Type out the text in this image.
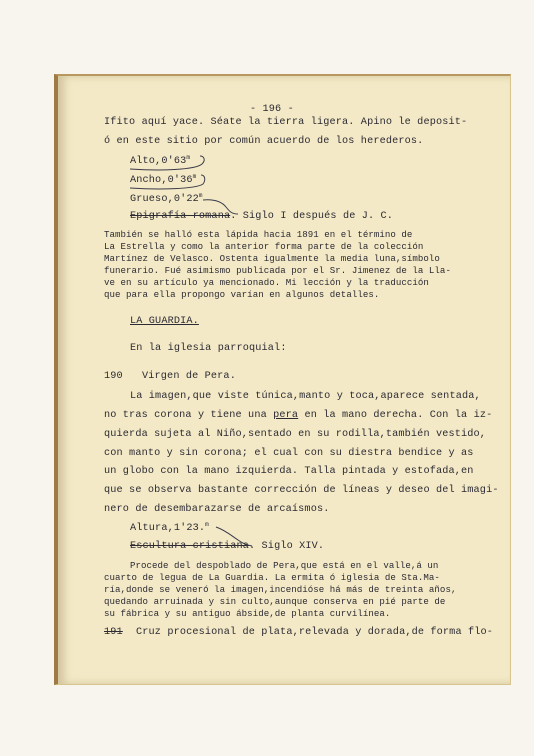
- 196 -
Ifito aquí yace. Séate la tierra ligera. Apino le deposit-
ó en este sitio por común acuerdo de los herederos.
Alto,0'63$^m$
Ancho,0'36$^m$
Grueso,0'22$^m$
Epigrafía romana. Siglo I después de J. C.
También se halló esta lápida hacia 1891 en el término de
La Estrella y como la anterior forma parte de la colección
Martínez de Velasco. Ostenta igualmente la media luna,símbolo
funerario. Fué asimismo publicada por el Sr. Jimenez de la Lla-
ve en su artículo ya mencionado. Mi lección y la traducción
que para ella propongo varían en algunos detalles.
LA GUARDIA.
En la iglesia parroquial:
190 Virgen de Pera.
La imagen,que viste túnica,manto y toca,aparece sentada,
no tras corona y tiene una pera en la mano derecha. Con la iz-
quierda sujeta al Niño,sentado en su rodilla,también vestido,
con manto y sin corona; el cual con su diestra bendice y as
un globo con la mano izquierda. Talla pintada y estofada,en
que se observa bastante corrección de líneas y deseo del imagi-
nero de desembarazarse de arcaísmos.
Altura,1'23.$^m$
Escultura cristiana. Siglo XIV.
Procede del despoblado de Pera,que está en el valle,á un
cuarto de legua de La Guardia. La ermita ó iglesia de Sta.Ma-
ría,donde se veneró la imagen,incendióse há más de treinta años,
quedando arruinada y sin culto,aunque conserva en pié parte de
su fábrica y su antiguo ábside,de planta curvilínea.
191 Cruz procesional de plata,relevada y dorada,de forma flo-
